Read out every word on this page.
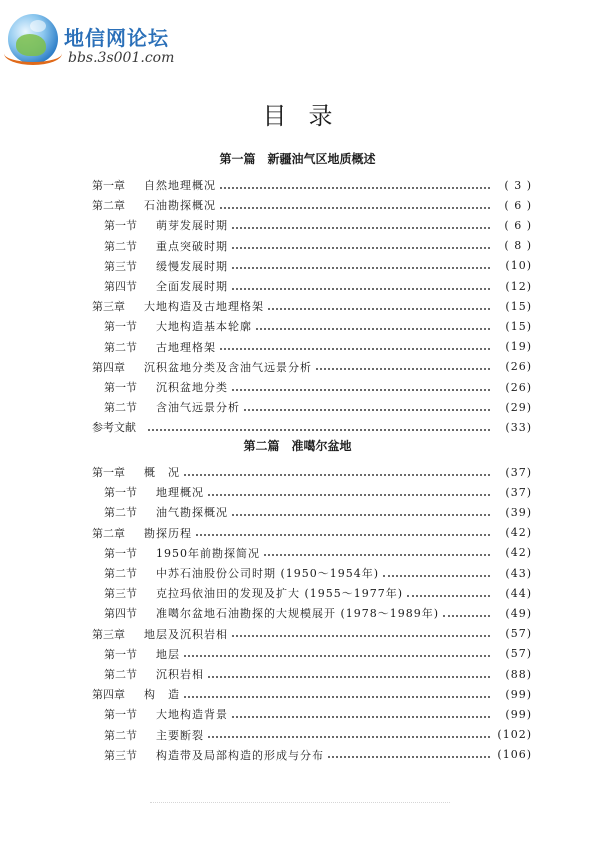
地信网论坛
bbs.3s001.com
目录
第一篇　新疆油气区地质概述
第一章	自然地理概况	( 3 )
第二章	石油勘探概况	( 6 )
第一节	萌芽发展时期	( 6 )
第二节	重点突破时期	( 8 )
第三节	缓慢发展时期	(10)
第四节	全面发展时期	(12)
第三章	大地构造及古地理格架	(15)
第一节	大地构造基本轮廓	(15)
第二节	古地理格架	(19)
第四章	沉积盆地分类及含油气远景分析	(26)
第一节	沉积盆地分类	(26)
第二节	含油气远景分析	(29)
参考文献	(33)
第二篇　准噶尔盆地
第一章	概　况	(37)
第一节	地理概况	(37)
第二节	油气勘探概况	(39)
第二章	勘探历程	(42)
第一节	1950年前勘探简况	(42)
第二节	中苏石油股份公司时期 (1950～1954年)	(43)
第三节	克拉玛依油田的发现及扩大 (1955～1977年)	(44)
第四节	准噶尔盆地石油勘探的大规模展开 (1978～1989年)	(49)
第三章	地层及沉积岩相	(57)
第一节	地层	(57)
第二节	沉积岩相	(88)
第四章	构　造	(99)
第一节	大地构造背景	(99)
第二节	主要断裂	(102)
第三节	构造带及局部构造的形成与分布	(106)
